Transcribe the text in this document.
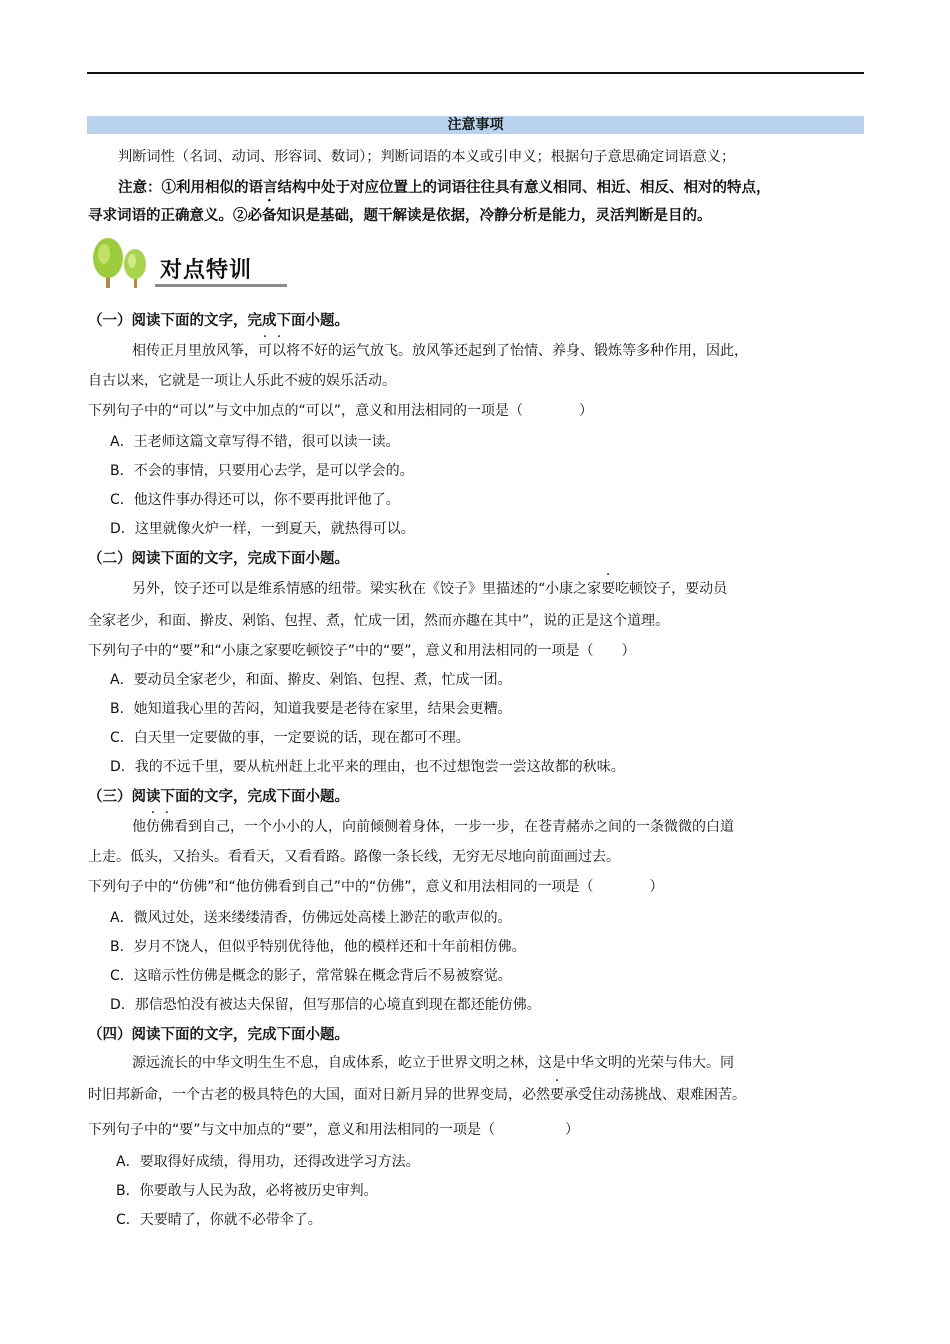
注意事项
判断词性（名词、动词、形容词、数词）；判断词语的本义或引申义；根据句子意思确定词语意义；
注意：①利用相似的语言结构中处于对应位置上的词语往往具有意义相同、相近、相反、相对的特点，
寻求词语的正确意义。②必备知识是基础，题干解读是依据，冷静分析是能力，灵活判断是目的。
对点特训
（一）阅读下面的文字，完成下面小题。
相传正月里放风筝，可以将不好的运气放飞。放风筝还起到了怡情、养身、锻炼等多种作用，因此，
自古以来，它就是一项让人乐此不疲的娱乐活动。
下列句子中的“可以”与文中加点的“可以”，意义和用法相同的一项是（　　　　）
A．王老师这篇文章写得不错，很可以读一读。
B．不会的事情，只要用心去学，是可以学会的。
C．他这件事办得还可以，你不要再批评他了。
D．这里就像火炉一样，一到夏天，就热得可以。
（二）阅读下面的文字，完成下面小题。
另外，饺子还可以是维系情感的纽带。梁实秋在《饺子》里描述的“小康之家要吃顿饺子，要动员
全家老少，和面、擀皮、剁馅、包捏、煮，忙成一团，然而亦趣在其中”，说的正是这个道理。
下列句子中的“要”和“小康之家要吃顿饺子”中的“要”，意义和用法相同的一项是（　　）
A．要动员全家老少，和面、擀皮、剁馅、包捏、煮，忙成一团。
B．她知道我心里的苦闷，知道我要是老待在家里，结果会更糟。
C．白天里一定要做的事，一定要说的话，现在都可不理。
D．我的不远千里，要从杭州赶上北平来的理由，也不过想饱尝一尝这故都的秋味。
（三）阅读下面的文字，完成下面小题。
他仿佛看到自己，一个小小的人，向前倾侧着身体，一步一步，在苍青赭赤之间的一条微微的白道
上走。低头，又抬头。看看天，又看看路。路像一条长线，无穷无尽地向前面画过去。
下列句子中的“仿佛”和“他仿佛看到自己”中的“仿佛”，意义和用法相同的一项是（　　　　）
A．微风过处，送来缕缕清香，仿佛远处高楼上渺茫的歌声似的。
B．岁月不饶人，但似乎特别优待他，他的模样还和十年前相仿佛。
C．这暗示性仿佛是概念的影子，常常躲在概念背后不易被察觉。
D．那信恐怕没有被达夫保留，但写那信的心境直到现在都还能仿佛。
（四）阅读下面的文字，完成下面小题。
源远流长的中华文明生生不息，自成体系，屹立于世界文明之林，这是中华文明的光荣与伟大。同
时旧邦新命，一个古老的极具特色的大国，面对日新月异的世界变局，必然要承受住动荡挑战、艰难困苦。
下列句子中的“要”与文中加点的“要”，意义和用法相同的一项是（　　　　　）
A．要取得好成绩，得用功，还得改进学习方法。
B．你要敢与人民为敌，必将被历史审判。
C．天要晴了，你就不必带伞了。
